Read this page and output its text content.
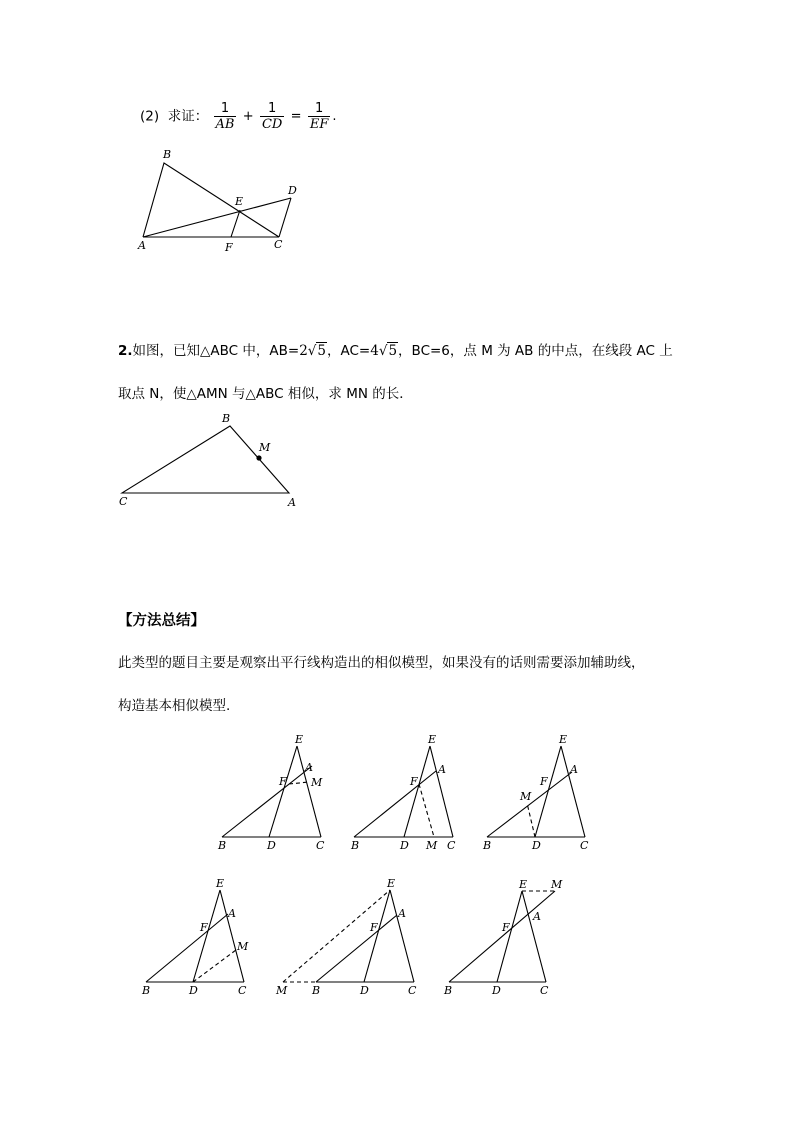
(2) 求证： $\frac{1}{AB} + \frac{1}{CD} = \frac{1}{EF}$ .
B
E
D
A	F	C
2.如图，已知△ABC 中，AB=2√5，AC=4√5，BC=6，点 M 为 AB 的中点，在线段 AC 上
取点 N，使△AMN 与△ABC 相似，求 MN 的长．
B
M
C	A
【方法总结】
此类型的题目主要是观察出平行线构造出的相似模型，如果没有的话则需要添加辅助线，
构造基本相似模型.
E
A
F M
B	D	C
E
A
F
M
B	D	C
E
A
F
M
B	D	C
E
A
F
M
B	D	C
E
A
F
M B	D	C
E
A
F
M
B	D	C
